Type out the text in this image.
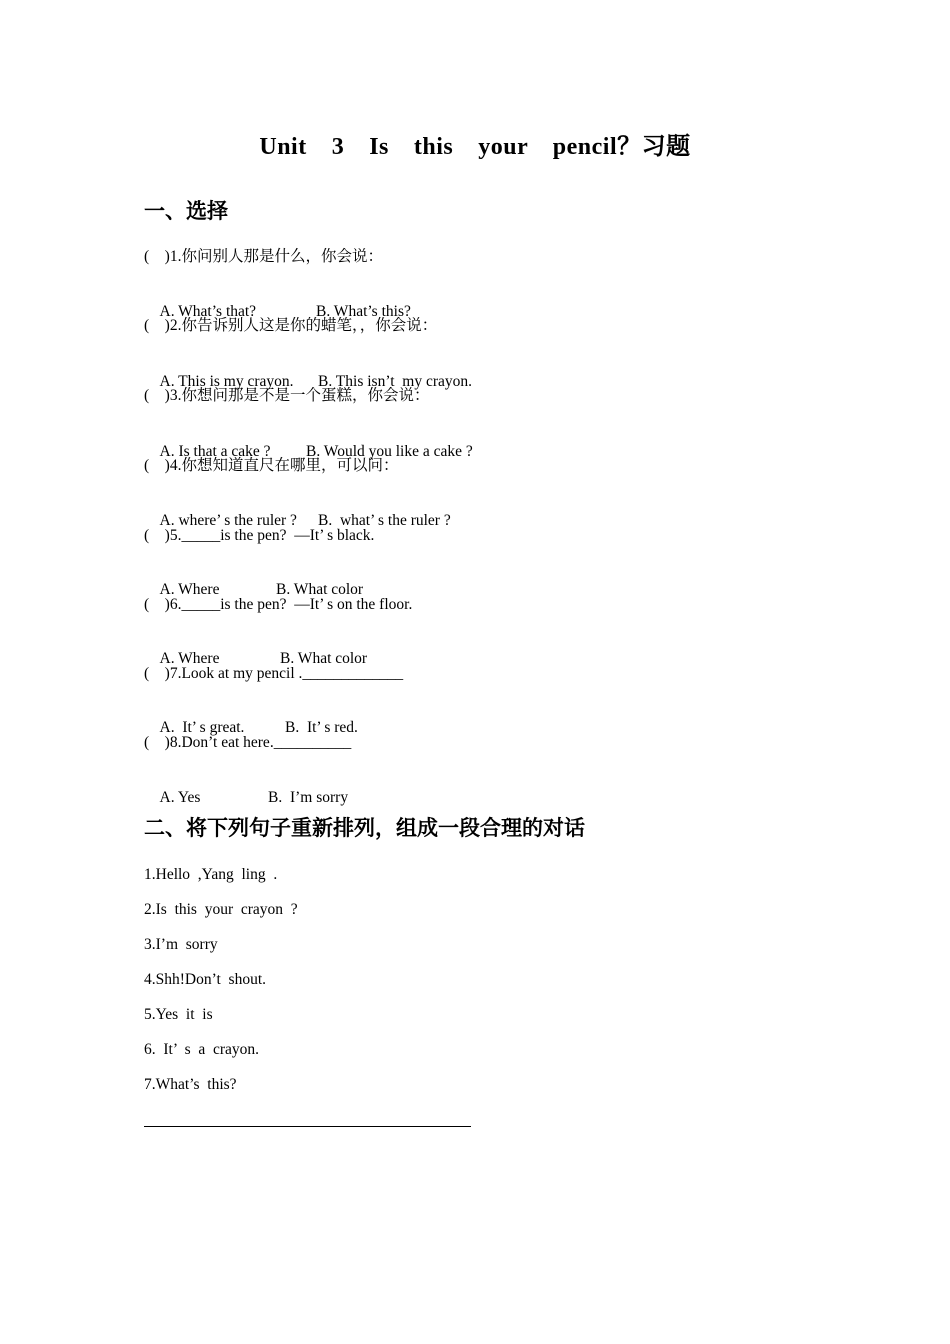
Unit  3  Is  this  your  pencil？习题
一、选择
(    )1.你问别人那是什么，你会说：

A. What’s that?	B. What’s this?

(    )2.你告诉别人这是你的蜡笔，，你会说：

A. This is my crayon. B. This isn’t  my crayon.

(    )3.你想问那是不是一个蛋糕，你会说：

A. Is that a cake ? B. Would you like a cake ?

(    )4.你想知道直尺在哪里，可以问：

A. where’ s the ruler ? B.  what’ s the ruler ?

(    )5._____is the pen?  —It’ s black.

A. Where	B. What color

(    )6._____is the pen?  —It’ s on the floor.

A. Where	B. What color

(    )7.Look at my pencil ._____________

A.  It’ s great.	B.  It’ s red.

(    )8.Don’t eat here.__________

A. Yes	B.  I’m sorry

二、将下列句子重新排列，组成一段合理的对话
1.Hello  ,Yang  ling  .
2.Is  this  your  crayon  ?
3.I’m  sorry
4.Shh!Don’t  shout.
5.Yes  it  is
6.  It’  s  a  crayon.
7.What’s  this?
